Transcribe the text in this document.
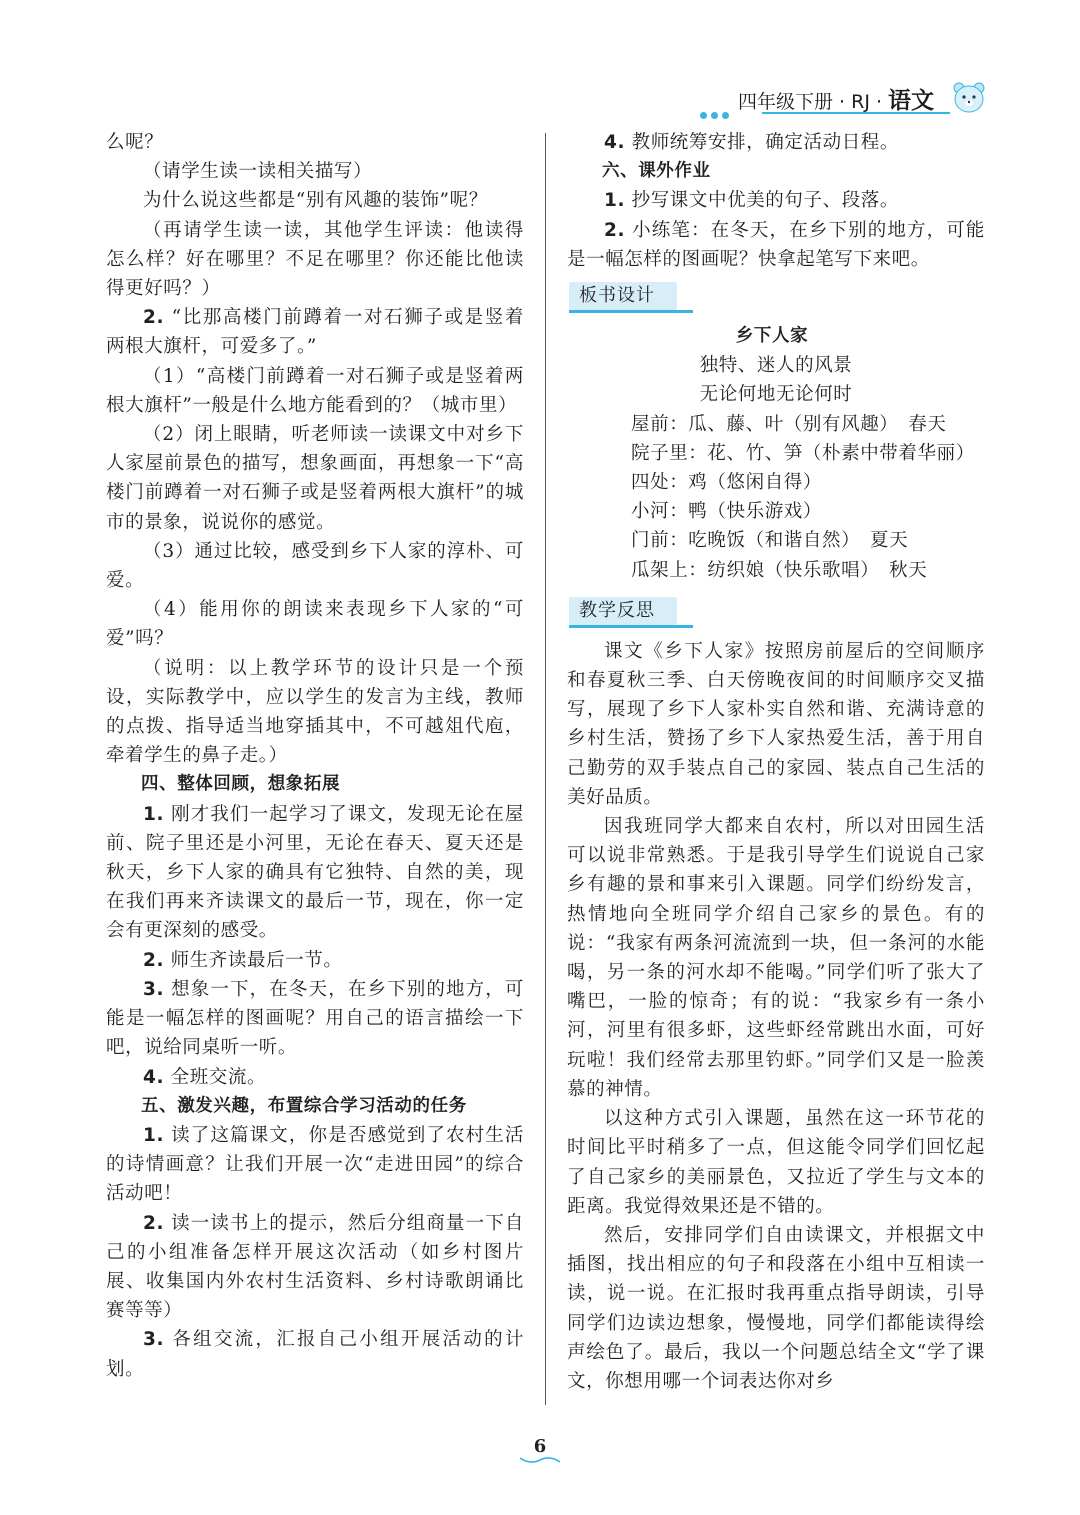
四年级下册 · RJ · 语文

么呢？

（请学生读一读相关描写）

为什么说这些都是“别有风趣的装饰”呢？

（再请学生读一读，其他学生评读：他读得怎么样？好在哪里？不足在哪里？你还能比他读得更好吗？）

2. “比那高楼门前蹲着一对石狮子或是竖着两根大旗杆，可爱多了。”

（1）“高楼门前蹲着一对石狮子或是竖着两根大旗杆”一般是什么地方能看到的？（城市里）

（2）闭上眼睛，听老师读一读课文中对乡下人家屋前景色的描写，想象画面，再想象一下“高楼门前蹲着一对石狮子或是竖着两根大旗杆”的城市的景象，说说你的感觉。

（3）通过比较，感受到乡下人家的淳朴、可爱。

（4）能用你的朗读来表现乡下人家的“可爱”吗？

（说明：以上教学环节的设计只是一个预设，实际教学中，应以学生的发言为主线，教师的点拨、指导适当地穿插其中，不可越俎代庖，牵着学生的鼻子走。）

四、整体回顾，想象拓展

1. 刚才我们一起学习了课文，发现无论在屋前、院子里还是小河里，无论在春天、夏天还是秋天，乡下人家的确具有它独特、自然的美，现在我们再来齐读课文的最后一节，现在，你一定会有更深刻的感受。

2. 师生齐读最后一节。

3. 想象一下，在冬天，在乡下别的地方，可能是一幅怎样的图画呢？用自己的语言描绘一下吧，说给同桌听一听。

4. 全班交流。

五、激发兴趣，布置综合学习活动的任务

1. 读了这篇课文，你是否感觉到了农村生活的诗情画意？让我们开展一次“走进田园”的综合活动吧！

2. 读一读书上的提示，然后分组商量一下自己的小组准备怎样开展这次活动（如乡村图片展、收集国内外农村生活资料、乡村诗歌朗诵比赛等等）

3. 各组交流，汇报自己小组开展活动的计划。

4. 教师统筹安排，确定活动日程。

六、课外作业

1. 抄写课文中优美的句子、段落。

2. 小练笔：在冬天，在乡下别的地方，可能是一幅怎样的图画呢？快拿起笔写下来吧。

板书设计

乡下人家

独特、迷人的风景

无论何地无论何时

屋前：瓜、藤、叶（别有风趣）　春天

院子里：花、竹、笋（朴素中带着华丽）

四处：鸡（悠闲自得）

小河：鸭（快乐游戏）

门前：吃晚饭（和谐自然）　夏天

瓜架上：纺织娘（快乐歌唱）　秋天

教学反思

课文《乡下人家》按照房前屋后的空间顺序和春夏秋三季、白天傍晚夜间的时间顺序交叉描写，展现了乡下人家朴实自然和谐、充满诗意的乡村生活，赞扬了乡下人家热爱生活，善于用自己勤劳的双手装点自己的家园、装点自己生活的美好品质。

因我班同学大都来自农村，所以对田园生活可以说非常熟悉。于是我引导学生们说说自己家乡有趣的景和事来引入课题。同学们纷纷发言，热情地向全班同学介绍自己家乡的景色。有的说：“我家有两条河流流到一块，但一条河的水能喝，另一条的河水却不能喝。”同学们听了张大了嘴巴，一脸的惊奇；有的说：“我家乡有一条小河，河里有很多虾，这些虾经常跳出水面，可好玩啦！我们经常去那里钓虾。”同学们又是一脸羡慕的神情。

以这种方式引入课题，虽然在这一环节花的时间比平时稍多了一点，但这能令同学们回忆起了自己家乡的美丽景色，又拉近了学生与文本的距离。我觉得效果还是不错的。

然后，安排同学们自由读课文，并根据文中插图，找出相应的句子和段落在小组中互相读一读，说一说。在汇报时我再重点指导朗读，引导同学们边读边想象，慢慢地，同学们都能读得绘声绘色了。最后，我以一个问题总结全文“学了课文，你想用哪一个词表达你对乡

6
